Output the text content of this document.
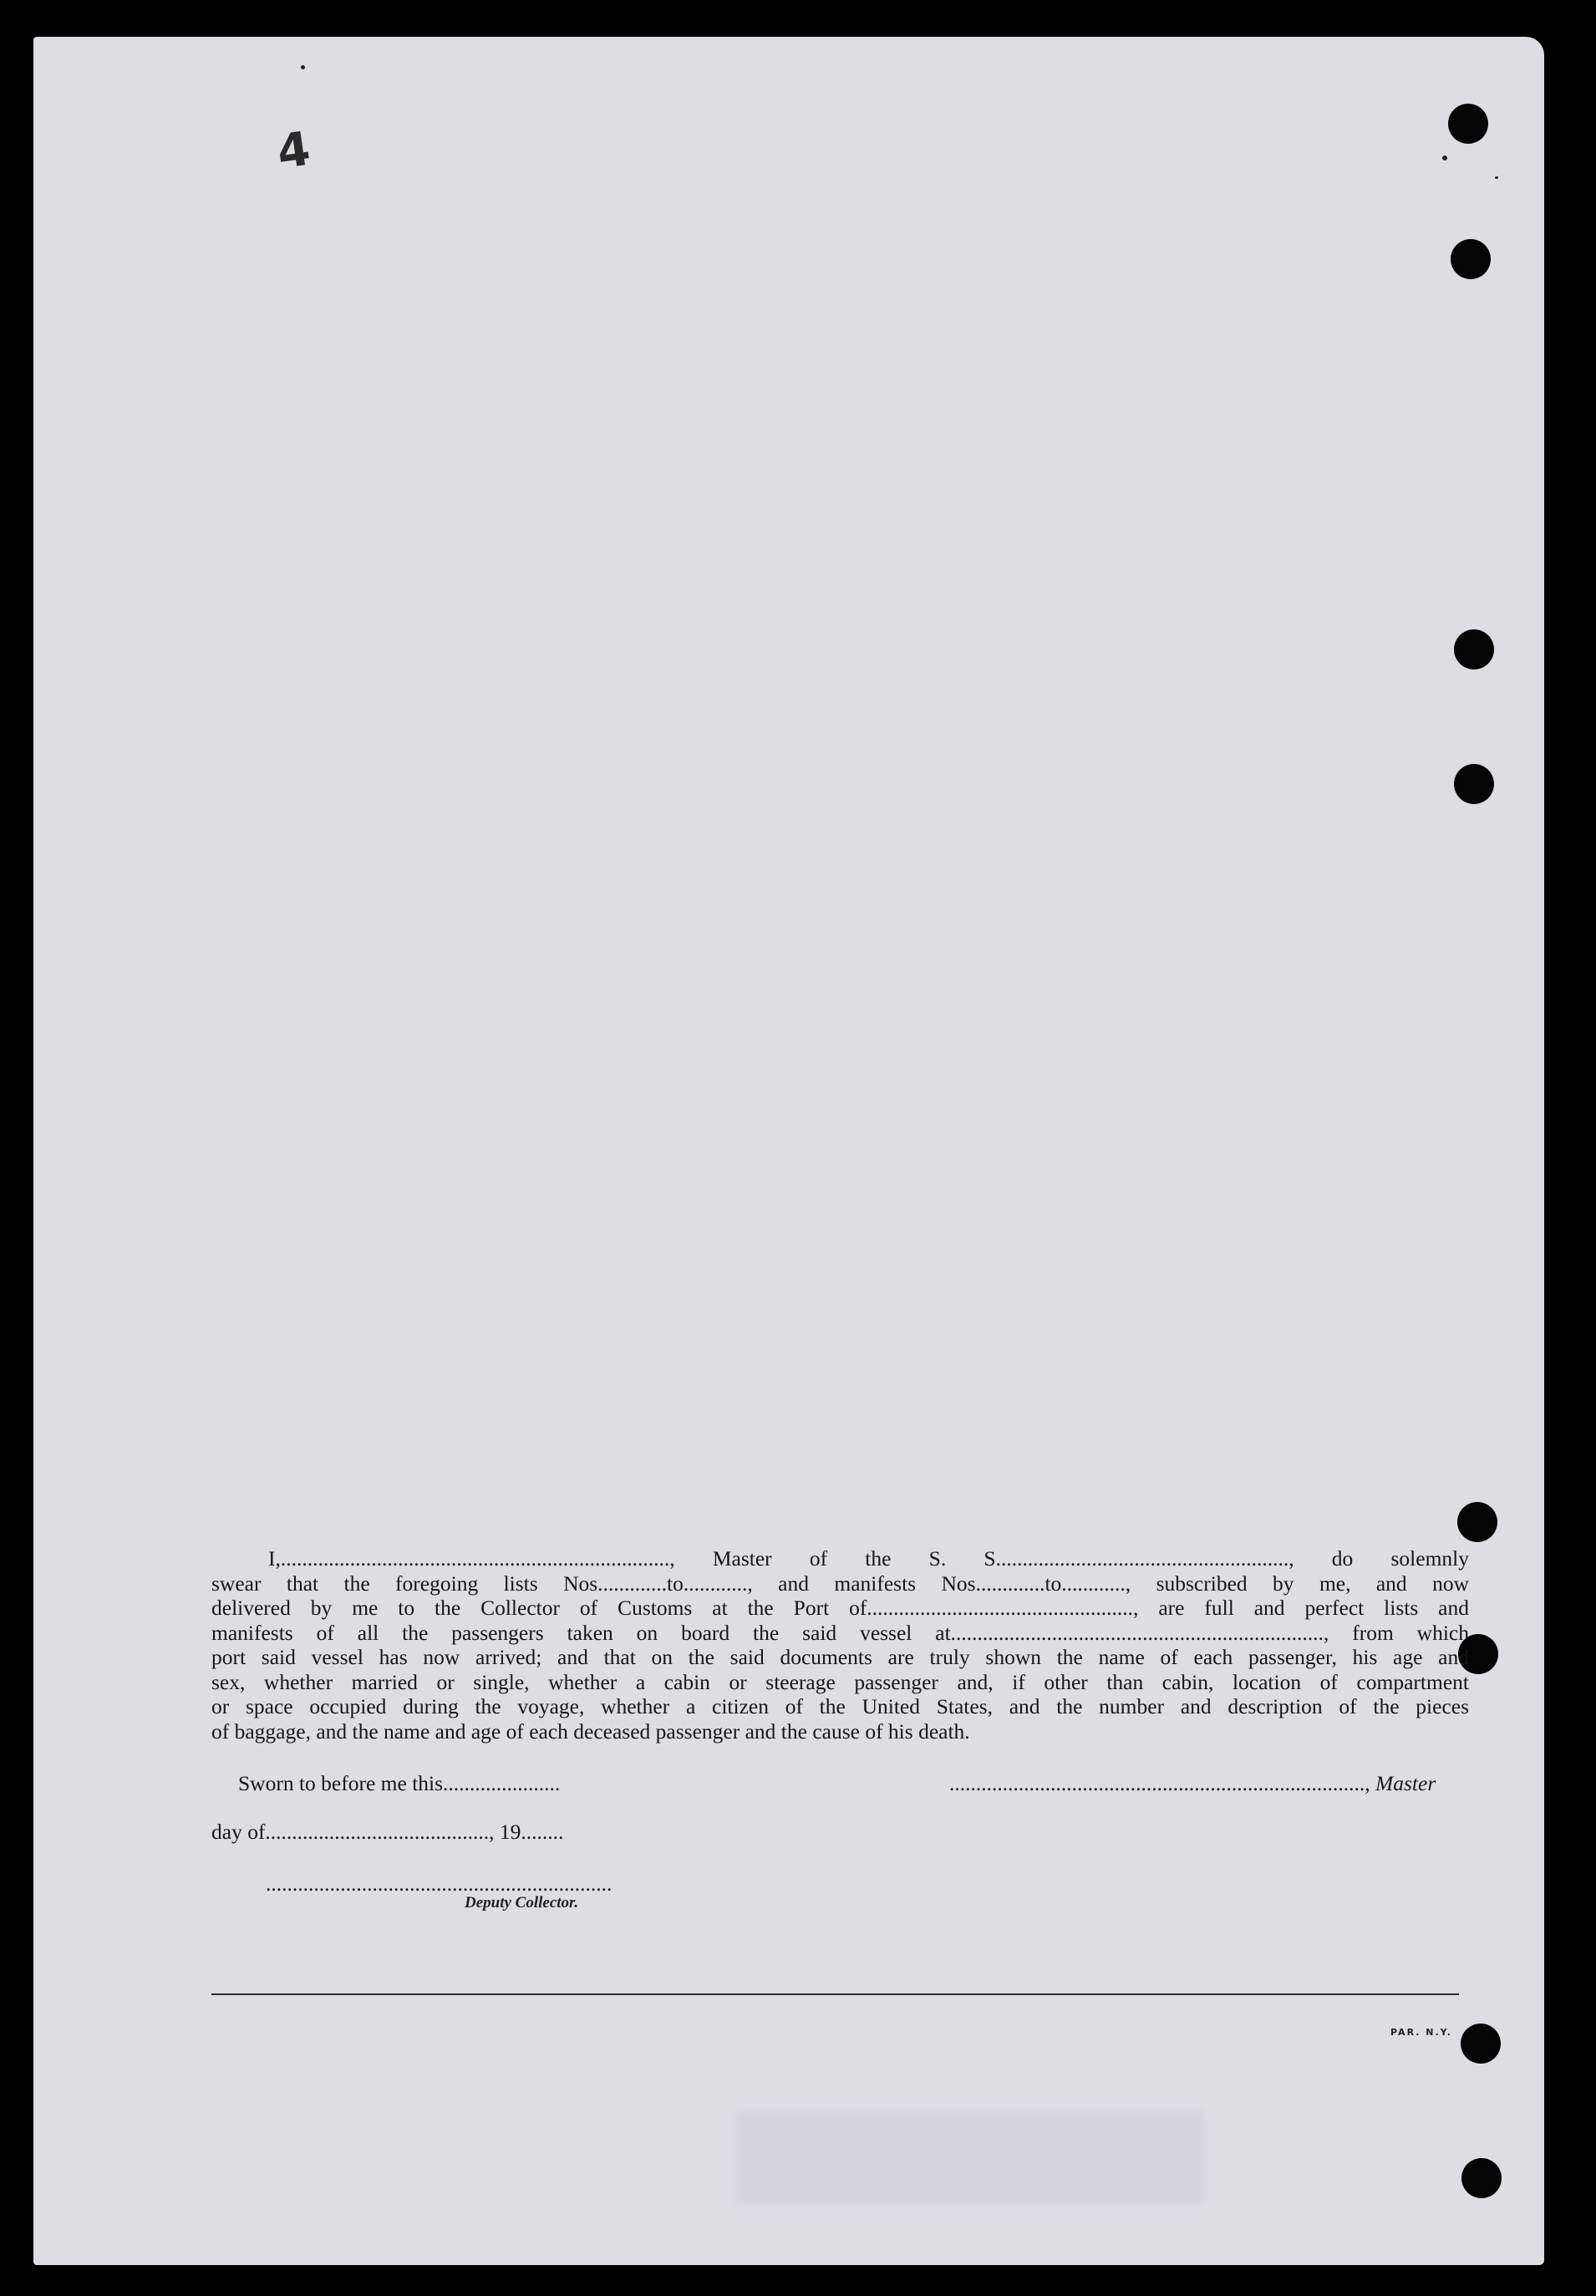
4
I,........................................................................., Master of the S. S......................................................., do solemnly
swear that the foregoing lists Nos.............to............, and manifests Nos.............to............, subscribed by me, and now
delivered by me to the Collector of Customs at the Port of.................................................., are full and perfect lists and
manifests of all the passengers taken on board the said vessel at......................................................................, from which
port said vessel has now arrived; and that on the said documents are truly shown the name of each passenger, his age and
sex, whether married or single, whether a cabin or steerage passenger and, if other than cabin, location of compartment
or space occupied during the voyage, whether a citizen of the United States, and the number and description of the pieces
of baggage, and the name and age of each deceased passenger and the cause of his death.
Sworn to before me this......................	.............................................................................., Master
day of.........................................., 19........
.................................................................
Deputy Collector.
PAR. N.Y.
